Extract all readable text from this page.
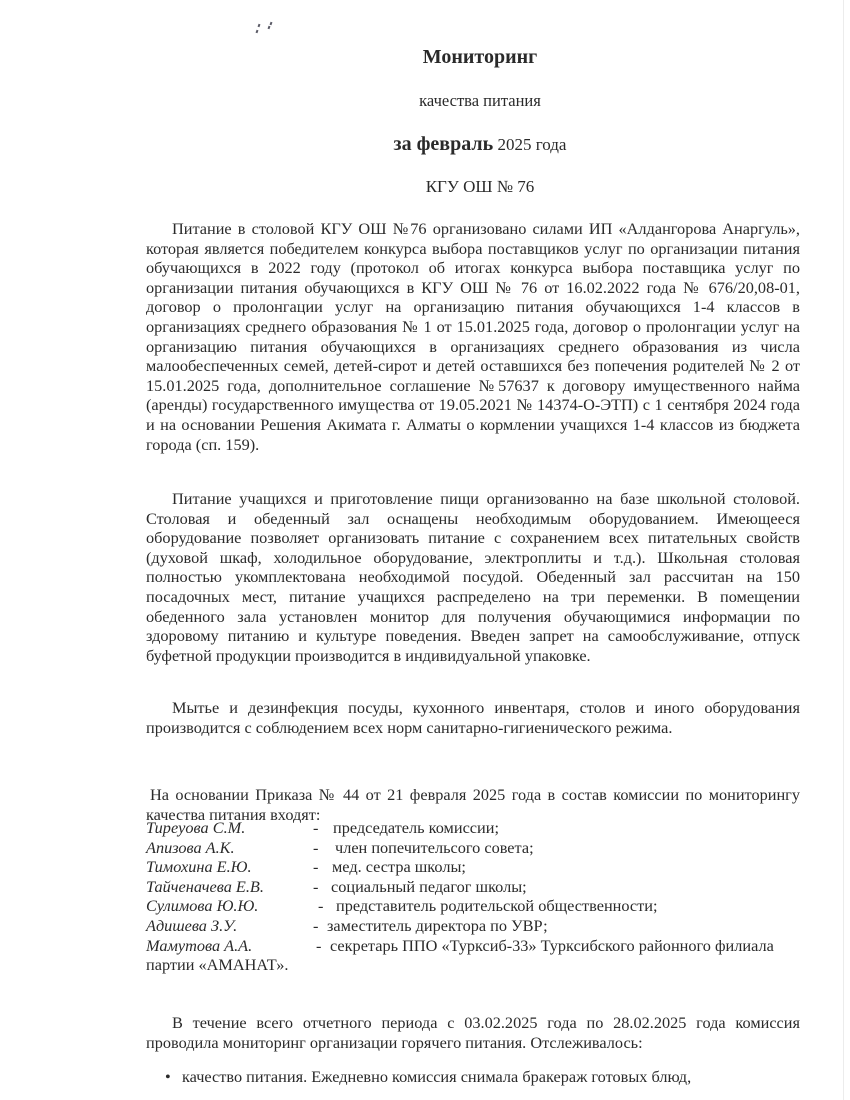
Мониторинг
качества питания
за февраль 2025 года
КГУ ОШ № 76

Питание в столовой КГУ ОШ №76 организовано силами ИП «Алдангорова Анаргуль», которая является победителем конкурса выбора поставщиков услуг по организации питания обучающихся в 2022 году (протокол об итогах конкурса выбора поставщика услуг по организации питания обучающихся в КГУ ОШ № 76 от 16.02.2022 года № 676/20,08-01, договор о пролонгации услуг на организацию питания обучающихся 1-4 классов в организациях среднего образования № 1 от 15.01.2025 года, договор о пролонгации услуг на организацию питания обучающихся в организациях среднего образования из числа малообеспеченных семей, детей-сирот и детей оставшихся без попечения родителей № 2 от 15.01.2025 года, дополнительное соглашение №57637 к договору имущественного найма (аренды) государственного имущества от 19.05.2021 № 14374-О-ЭТП) с 1 сентября 2024 года и на основании Решения Акимата г. Алматы о кормлении учащихся 1-4 классов из бюджета города (сп. 159).

Питание учащихся и приготовление пищи организованно на базе школьной столовой. Столовая и обеденный зал оснащены необходимым оборудованием. Имеющееся оборудование позволяет организовать питание с сохранением всех питательных свойств (духовой шкаф, холодильное оборудование, электроплиты и т.д.). Школьная столовая полностью укомплектована необходимой посудой. Обеденный зал рассчитан на 150 посадочных мест, питание учащихся распределено на три переменки. В помещении обеденного зала установлен монитор для получения обучающимися информации по здоровому питанию и культуре поведения. Введен запрет на самообслуживание, отпуск буфетной продукции производится в индивидуальной упаковке.

Мытье и дезинфекция посуды, кухонного инвентаря, столов и иного оборудования производится с соблюдением всех норм санитарно-гигиенического режима.

На основании Приказа № 44 от 21 февраля 2025 года в состав комиссии по мониторингу качества питания входят:

Тиреуова С.М.	- председатель комиссии;
Апизова А.К.	-	член попечительсого совета;
Тимохина Е.Ю.	- мед. сестра школы;
Тайченачева Е.В.	- социальный педагог школы;
Сулимова Ю.Ю.	- представитель родительской общественности;
Адишева З.У.	- заместитель директора по УВР;
Мамутова А.А.	- секретарь ППО «Турксиб-33» Турксибского районного филиала партии «АМАНАТ».

В течение всего отчетного периода с 03.02.2025 года по 28.02.2025 года комиссия проводила мониторинг организации горячего питания. Отслеживалось:

• качество питания. Ежедневно комиссия снимала бракераж готовых блюд,
